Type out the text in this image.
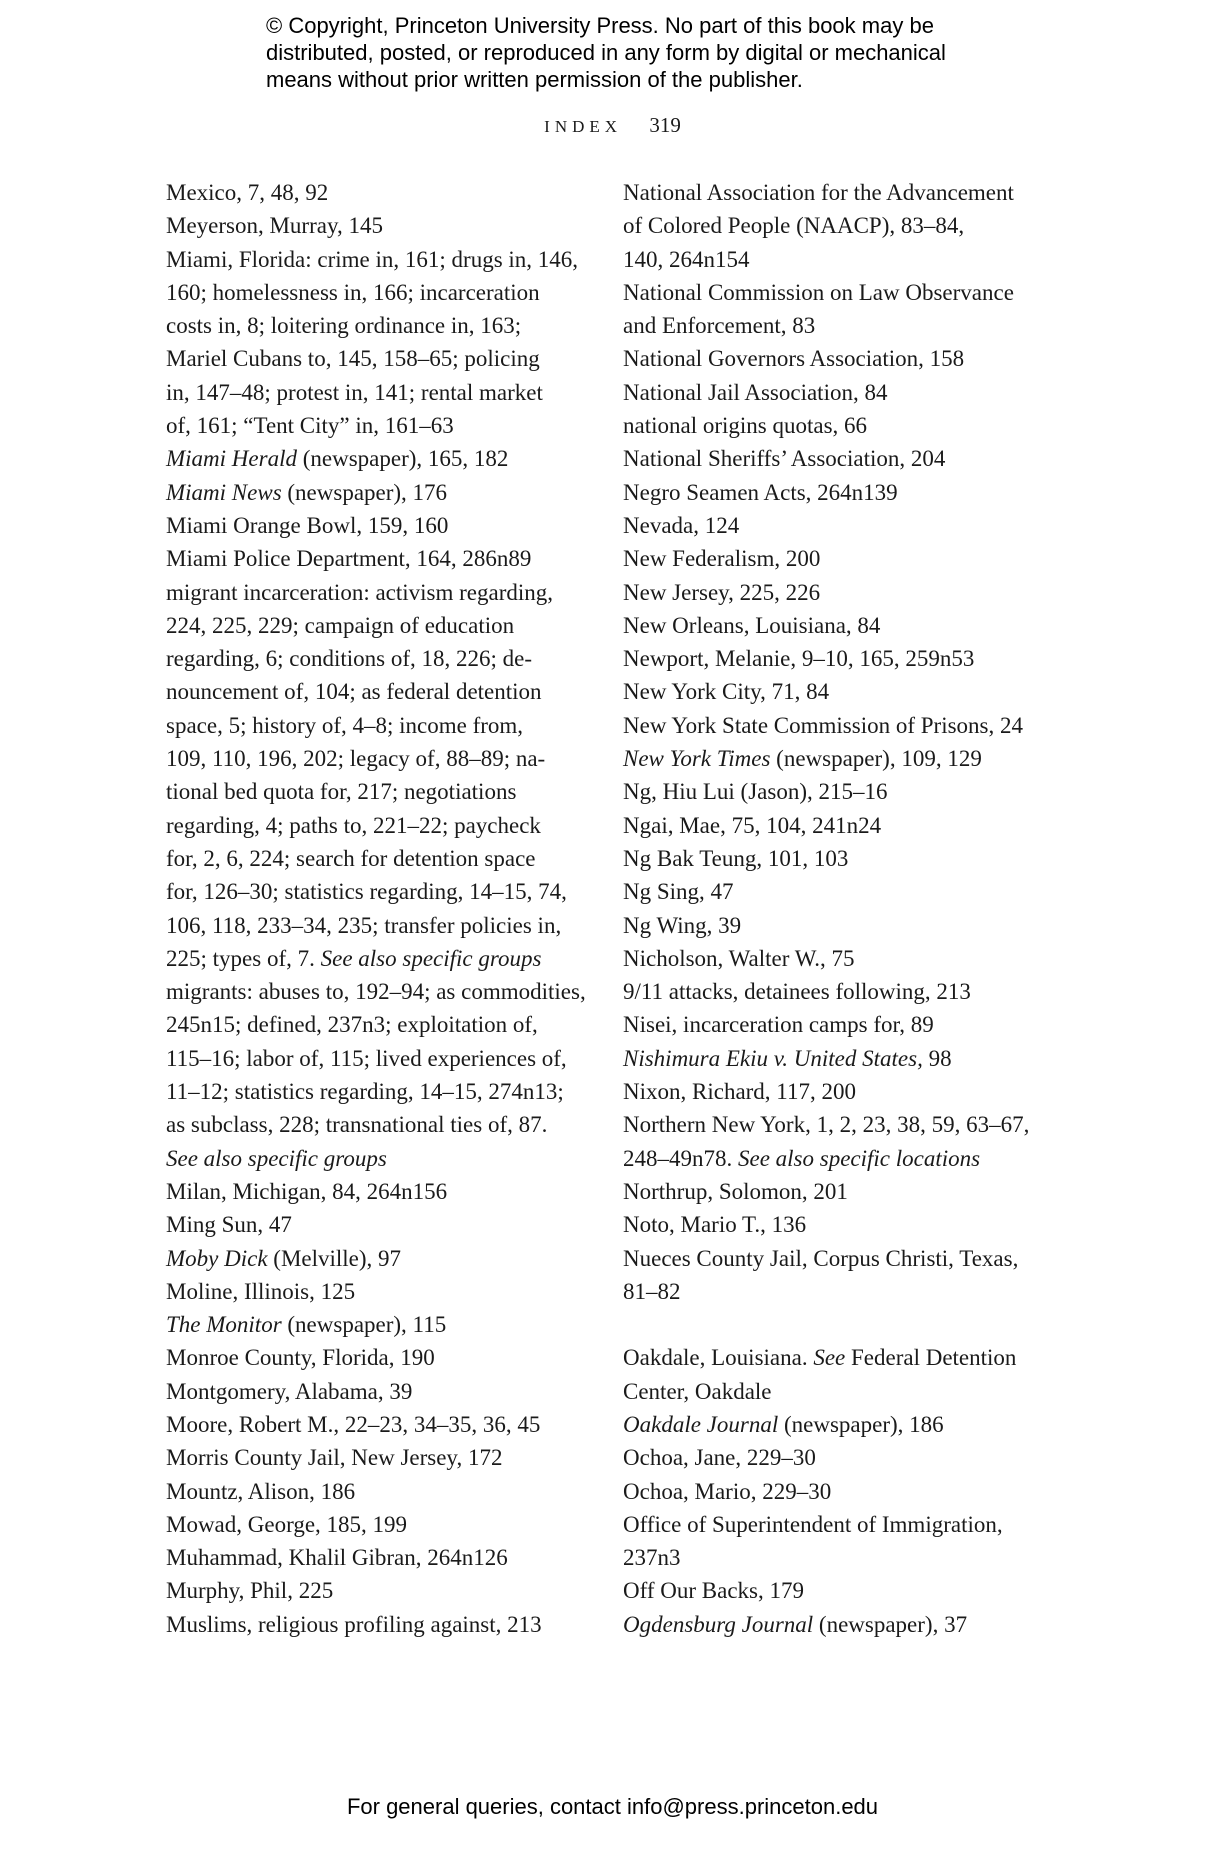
© Copyright, Princeton University Press. No part of this book may be
distributed, posted, or reproduced in any form by digital or mechanical
means without prior written permission of the publisher.
INDEX 319
Mexico, 7, 48, 92
Meyerson, Murray, 145
Miami, Florida: crime in, 161; drugs in, 146,
160; homelessness in, 166; incarceration
costs in, 8; loitering ordinance in, 163;
Mariel Cubans to, 145, 158–65; policing
in, 147–48; protest in, 141; rental market
of, 161; “Tent City” in, 161–63
Miami Herald (newspaper), 165, 182
Miami News (newspaper), 176
Miami Orange Bowl, 159, 160
Miami Police Department, 164, 286n89
migrant incarceration: activism regarding,
224, 225, 229; campaign of education
regarding, 6; conditions of, 18, 226; de-
nouncement of, 104; as federal detention
space, 5; history of, 4–8; income from,
109, 110, 196, 202; legacy of, 88–89; na-
tional bed quota for, 217; negotiations
regarding, 4; paths to, 221–22; paycheck
for, 2, 6, 224; search for detention space
for, 126–30; statistics regarding, 14–15, 74,
106, 118, 233–34, 235; transfer policies in,
225; types of, 7. See also specific groups
migrants: abuses to, 192–94; as commodities,
245n15; defined, 237n3; exploitation of,
115–16; labor of, 115; lived experiences of,
11–12; statistics regarding, 14–15, 274n13;
as subclass, 228; transnational ties of, 87.
See also specific groups
Milan, Michigan, 84, 264n156
Ming Sun, 47
Moby Dick (Melville), 97
Moline, Illinois, 125
The Monitor (newspaper), 115
Monroe County, Florida, 190
Montgomery, Alabama, 39
Moore, Robert M., 22–23, 34–35, 36, 45
Morris County Jail, New Jersey, 172
Mountz, Alison, 186
Mowad, George, 185, 199
Muhammad, Khalil Gibran, 264n126
Murphy, Phil, 225
Muslims, religious profiling against, 213
National Association for the Advancement
of Colored People (NAACP), 83–84,
140, 264n154
National Commission on Law Observance
and Enforcement, 83
National Governors Association, 158
National Jail Association, 84
national origins quotas, 66
National Sheriffs’ Association, 204
Negro Seamen Acts, 264n139
Nevada, 124
New Federalism, 200
New Jersey, 225, 226
New Orleans, Louisiana, 84
Newport, Melanie, 9–10, 165, 259n53
New York City, 71, 84
New York State Commission of Prisons, 24
New York Times (newspaper), 109, 129
Ng, Hiu Lui (Jason), 215–16
Ngai, Mae, 75, 104, 241n24
Ng Bak Teung, 101, 103
Ng Sing, 47
Ng Wing, 39
Nicholson, Walter W., 75
9/11 attacks, detainees following, 213
Nisei, incarceration camps for, 89
Nishimura Ekiu v. United States, 98
Nixon, Richard, 117, 200
Northern New York, 1, 2, 23, 38, 59, 63–67,
248–49n78. See also specific locations
Northrup, Solomon, 201
Noto, Mario T., 136
Nueces County Jail, Corpus Christi, Texas,
81–82
Oakdale, Louisiana. See Federal Detention
Center, Oakdale
Oakdale Journal (newspaper), 186
Ochoa, Jane, 229–30
Ochoa, Mario, 229–30
Office of Superintendent of Immigration,
237n3
Off Our Backs, 179
Ogdensburg Journal (newspaper), 37
For general queries, contact info@press.princeton.edu
